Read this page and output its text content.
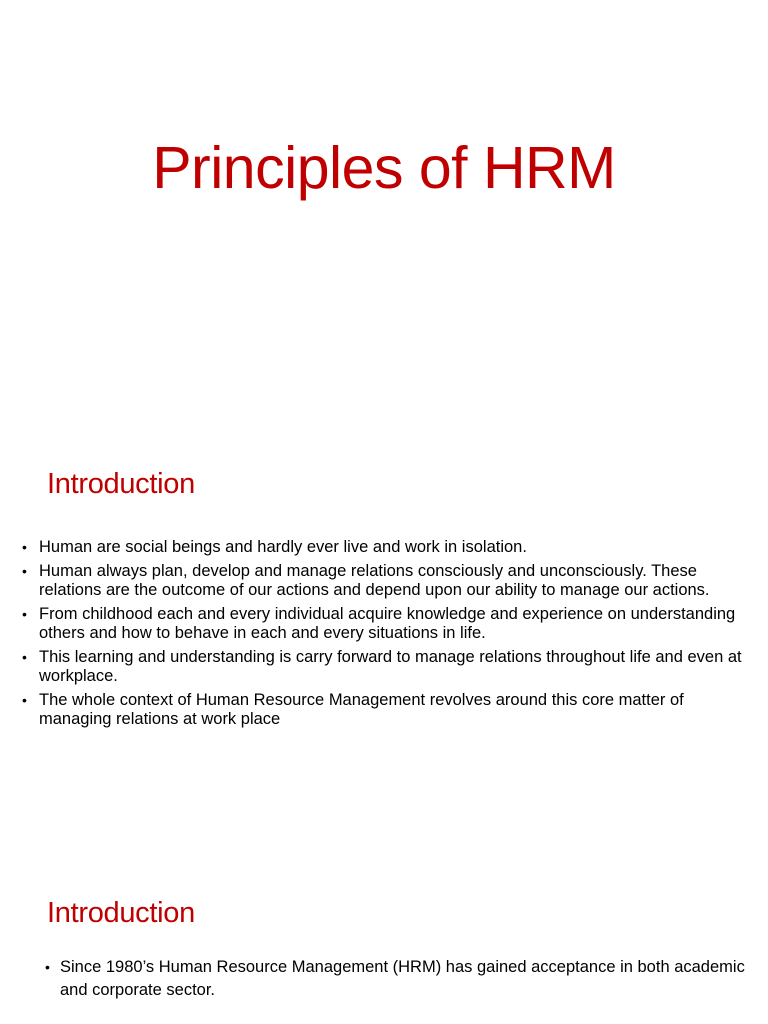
Principles of HRM
Introduction
• Human are social beings and hardly ever live and work in isolation.
• Human always plan, develop and manage relations consciously and unconsciously. These relations are the outcome of our actions and depend upon our ability to manage our actions.
• From childhood each and every individual acquire knowledge and experience on understanding others and how to behave in each and every situations in life.
• This learning and understanding is carry forward to manage relations throughout life and even at workplace.
• The whole context of Human Resource Management revolves around this core matter of managing relations at work place
Introduction
• Since 1980’s Human Resource Management (HRM) has gained acceptance in both academic and corporate sector.
